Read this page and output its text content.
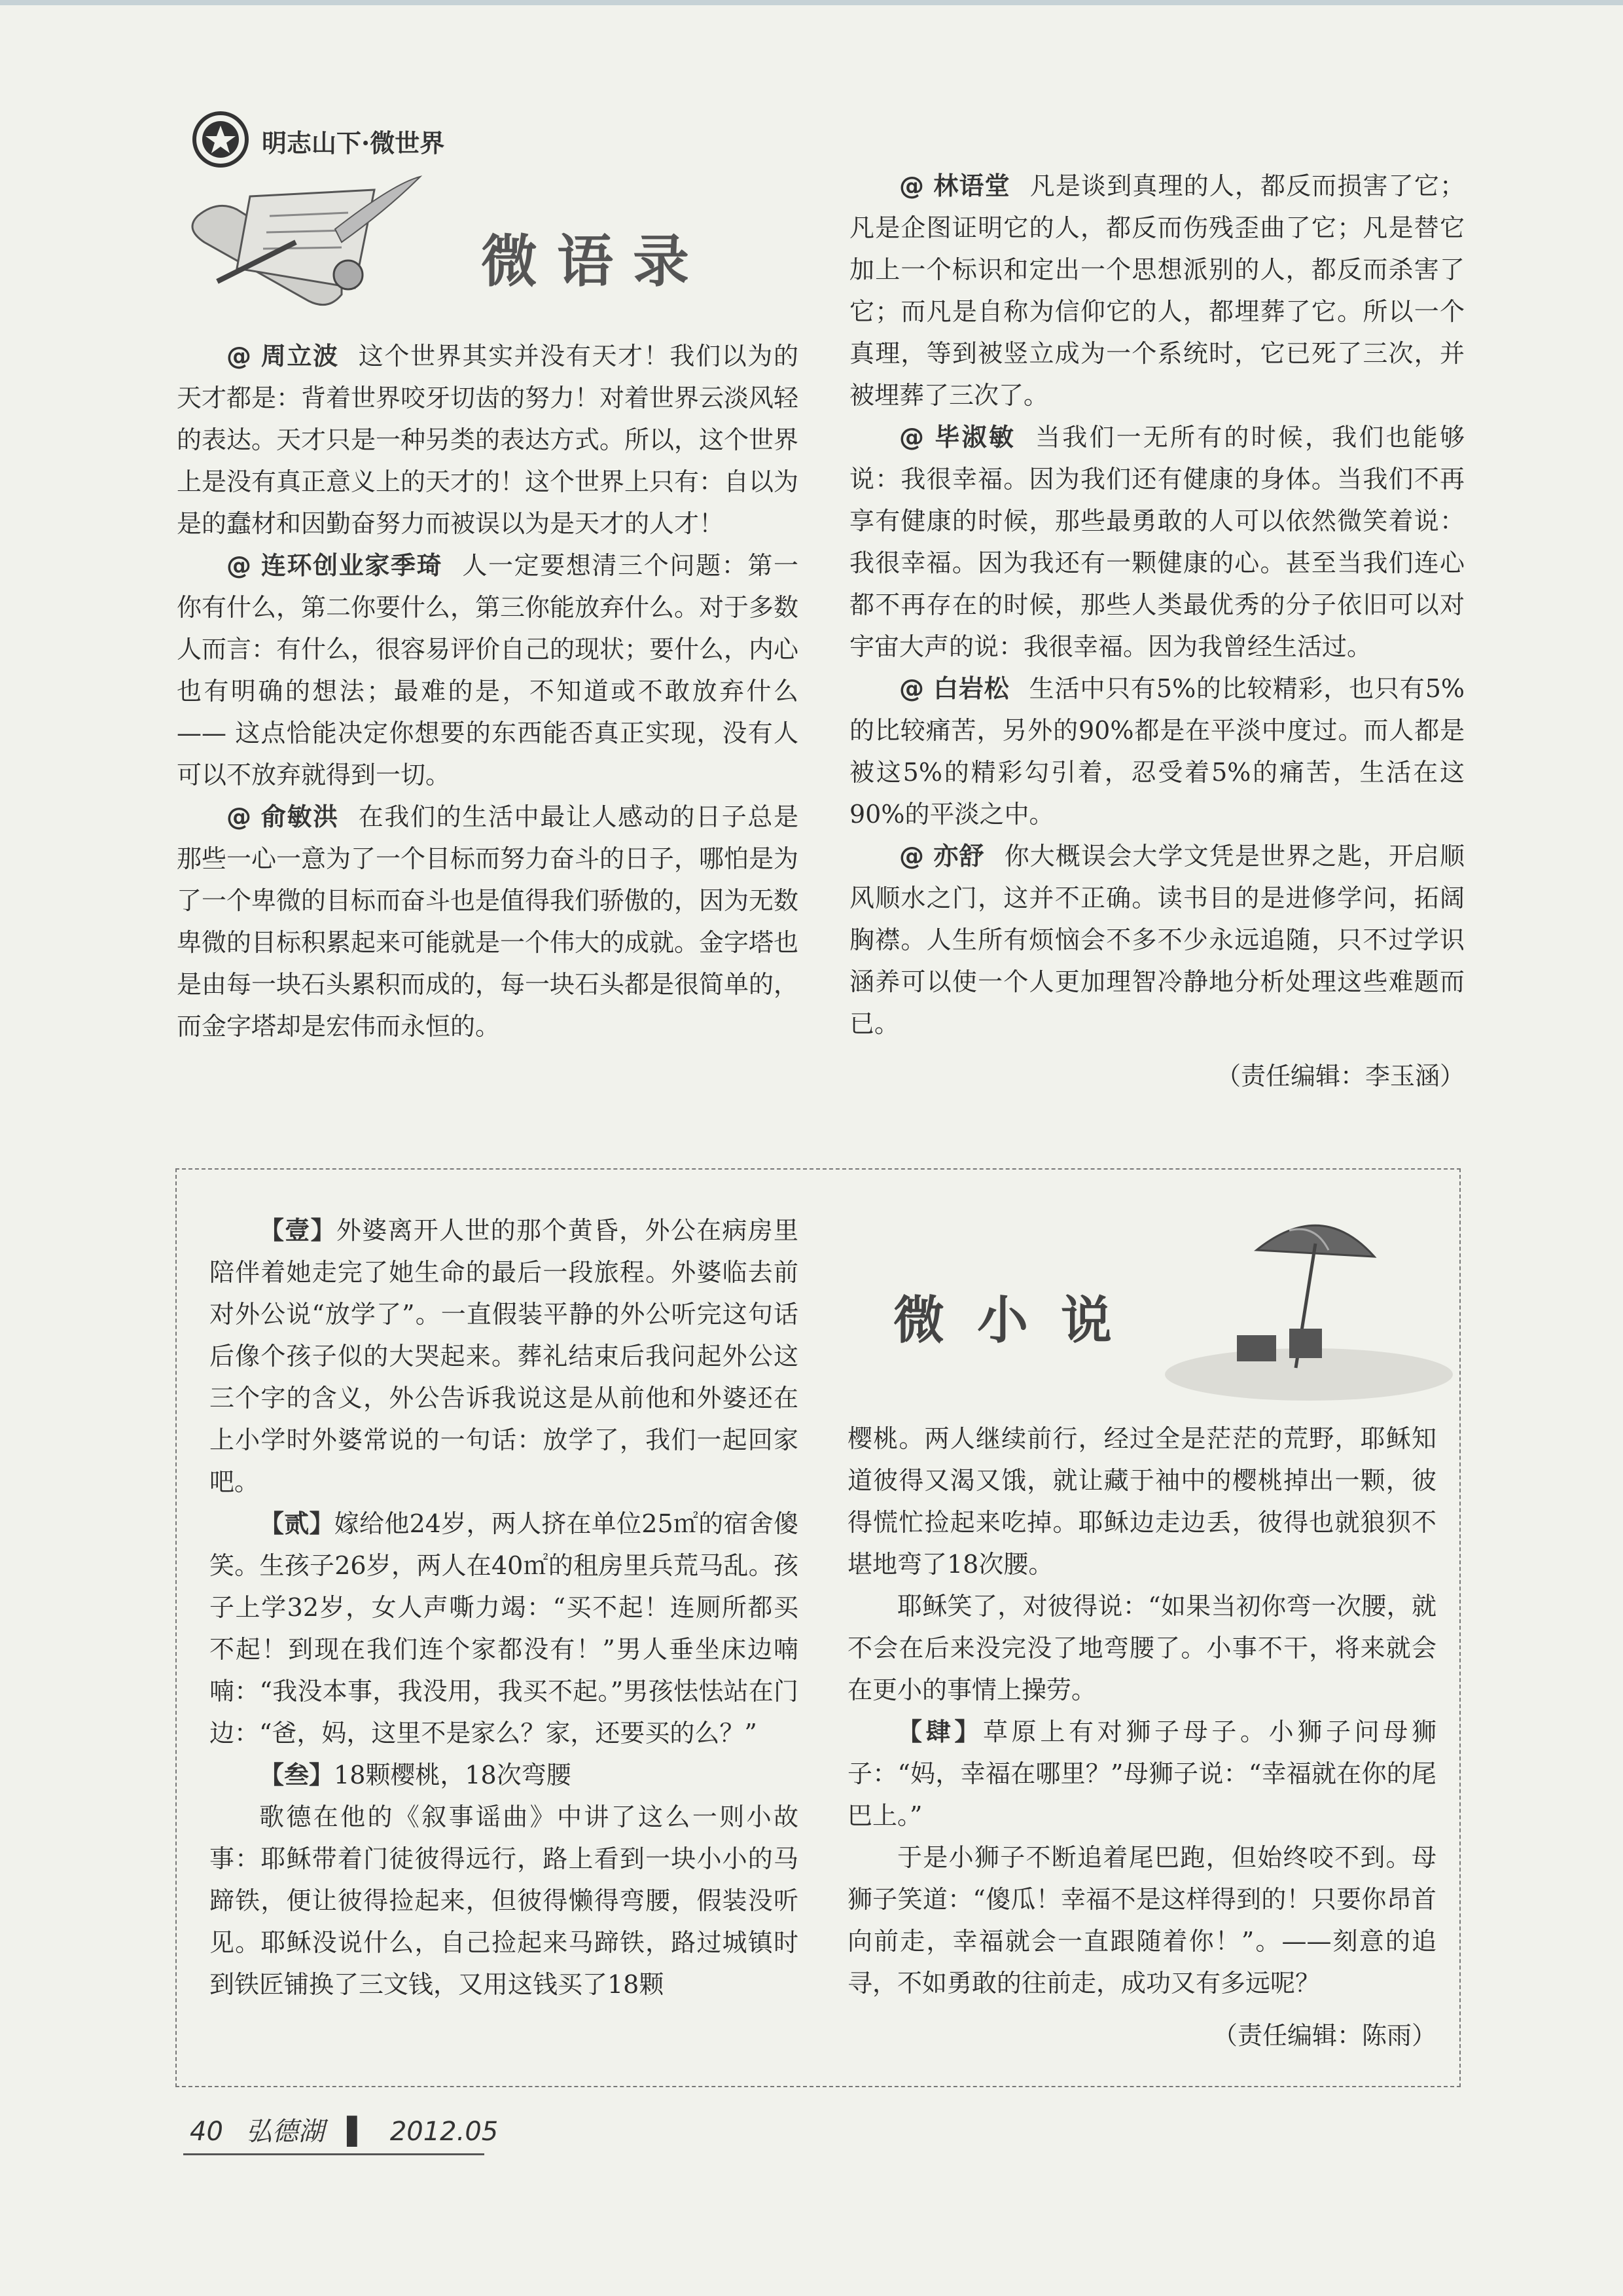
明志山下·微世界
微语录

@ 周立波 这个世界其实并没有天才！我们以为的天才都是：背着世界咬牙切齿的努力！对着世界云淡风轻的表达。天才只是一种另类的表达方式。所以，这个世界上是没有真正意义上的天才的！这个世界上只有：自以为是的蠢材和因勤奋努力而被误以为是天才的人才！

@ 连环创业家季琦 人一定要想清三个问题：第一你有什么，第二你要什么，第三你能放弃什么。对于多数人而言：有什么，很容易评价自己的现状；要什么，内心也有明确的想法；最难的是，不知道或不敢放弃什么 —— 这点恰能决定你想要的东西能否真正实现，没有人可以不放弃就得到一切。

@ 俞敏洪 在我们的生活中最让人感动的日子总是那些一心一意为了一个目标而努力奋斗的日子，哪怕是为了一个卑微的目标而奋斗也是值得我们骄傲的，因为无数卑微的目标积累起来可能就是一个伟大的成就。金字塔也是由每一块石头累积而成的，每一块石头都是很简单的，而金字塔却是宏伟而永恒的。

@ 林语堂 凡是谈到真理的人，都反而损害了它；凡是企图证明它的人，都反而伤残歪曲了它；凡是替它加上一个标识和定出一个思想派别的人，都反而杀害了它；而凡是自称为信仰它的人，都埋葬了它。所以一个真理，等到被竖立成为一个系统时，它已死了三次，并被埋葬了三次了。

@ 毕淑敏 当我们一无所有的时候，我们也能够说：我很幸福。因为我们还有健康的身体。当我们不再享有健康的时候，那些最勇敢的人可以依然微笑着说：我很幸福。因为我还有一颗健康的心。甚至当我们连心都不再存在的时候，那些人类最优秀的分子依旧可以对宇宙大声的说：我很幸福。因为我曾经生活过。

@ 白岩松 生活中只有5%的比较精彩，也只有5%的比较痛苦，另外的90%都是在平淡中度过。而人都是被这5%的精彩勾引着，忍受着5%的痛苦，生活在这90%的平淡之中。

@ 亦舒 你大概误会大学文凭是世界之匙，开启顺风顺水之门，这并不正确。读书目的是进修学问，拓阔胸襟。人生所有烦恼会不多不少永远追随，只不过学识涵养可以使一个人更加理智冷静地分析处理这些难题而已。

（责任编辑：李玉涵）
微小说

【壹】外婆离开人世的那个黄昏，外公在病房里陪伴着她走完了她生命的最后一段旅程。外婆临去前对外公说“放学了”。一直假装平静的外公听完这句话后像个孩子似的大哭起来。葬礼结束后我问起外公这三个字的含义，外公告诉我说这是从前他和外婆还在上小学时外婆常说的一句话：放学了，我们一起回家吧。

【贰】嫁给他24岁，两人挤在单位25㎡的宿舍傻笑。生孩子26岁，两人在40㎡的租房里兵荒马乱。孩子上学32岁，女人声嘶力竭：“买不起！连厕所都买不起！到现在我们连个家都没有！”男人垂坐床边喃喃：“我没本事，我没用，我买不起。”男孩怯怯站在门边：“爸，妈，这里不是家么？家，还要买的么？”

【叁】18颗樱桃，18次弯腰

歌德在他的《叙事谣曲》中讲了这么一则小故事：耶稣带着门徒彼得远行，路上看到一块小小的马蹄铁，便让彼得捡起来，但彼得懒得弯腰，假装没听见。耶稣没说什么，自己捡起来马蹄铁，路过城镇时到铁匠铺换了三文钱，又用这钱买了18颗

樱桃。两人继续前行，经过全是茫茫的荒野，耶稣知道彼得又渴又饿，就让藏于袖中的樱桃掉出一颗，彼得慌忙捡起来吃掉。耶稣边走边丢，彼得也就狼狈不堪地弯了18次腰。

耶稣笑了，对彼得说：“如果当初你弯一次腰，就不会在后来没完没了地弯腰了。小事不干，将来就会在更小的事情上操劳。

【肆】草原上有对狮子母子。小狮子问母狮子：“妈，幸福在哪里？”母狮子说：“幸福就在你的尾巴上。”

于是小狮子不断追着尾巴跑，但始终咬不到。母狮子笑道：“傻瓜！幸福不是这样得到的！只要你昂首向前走，幸福就会一直跟随着你！”。——刻意的追寻，不如勇敢的往前走，成功又有多远呢？

（责任编辑：陈雨）
40 弘德湖 ▌ 2012.05
